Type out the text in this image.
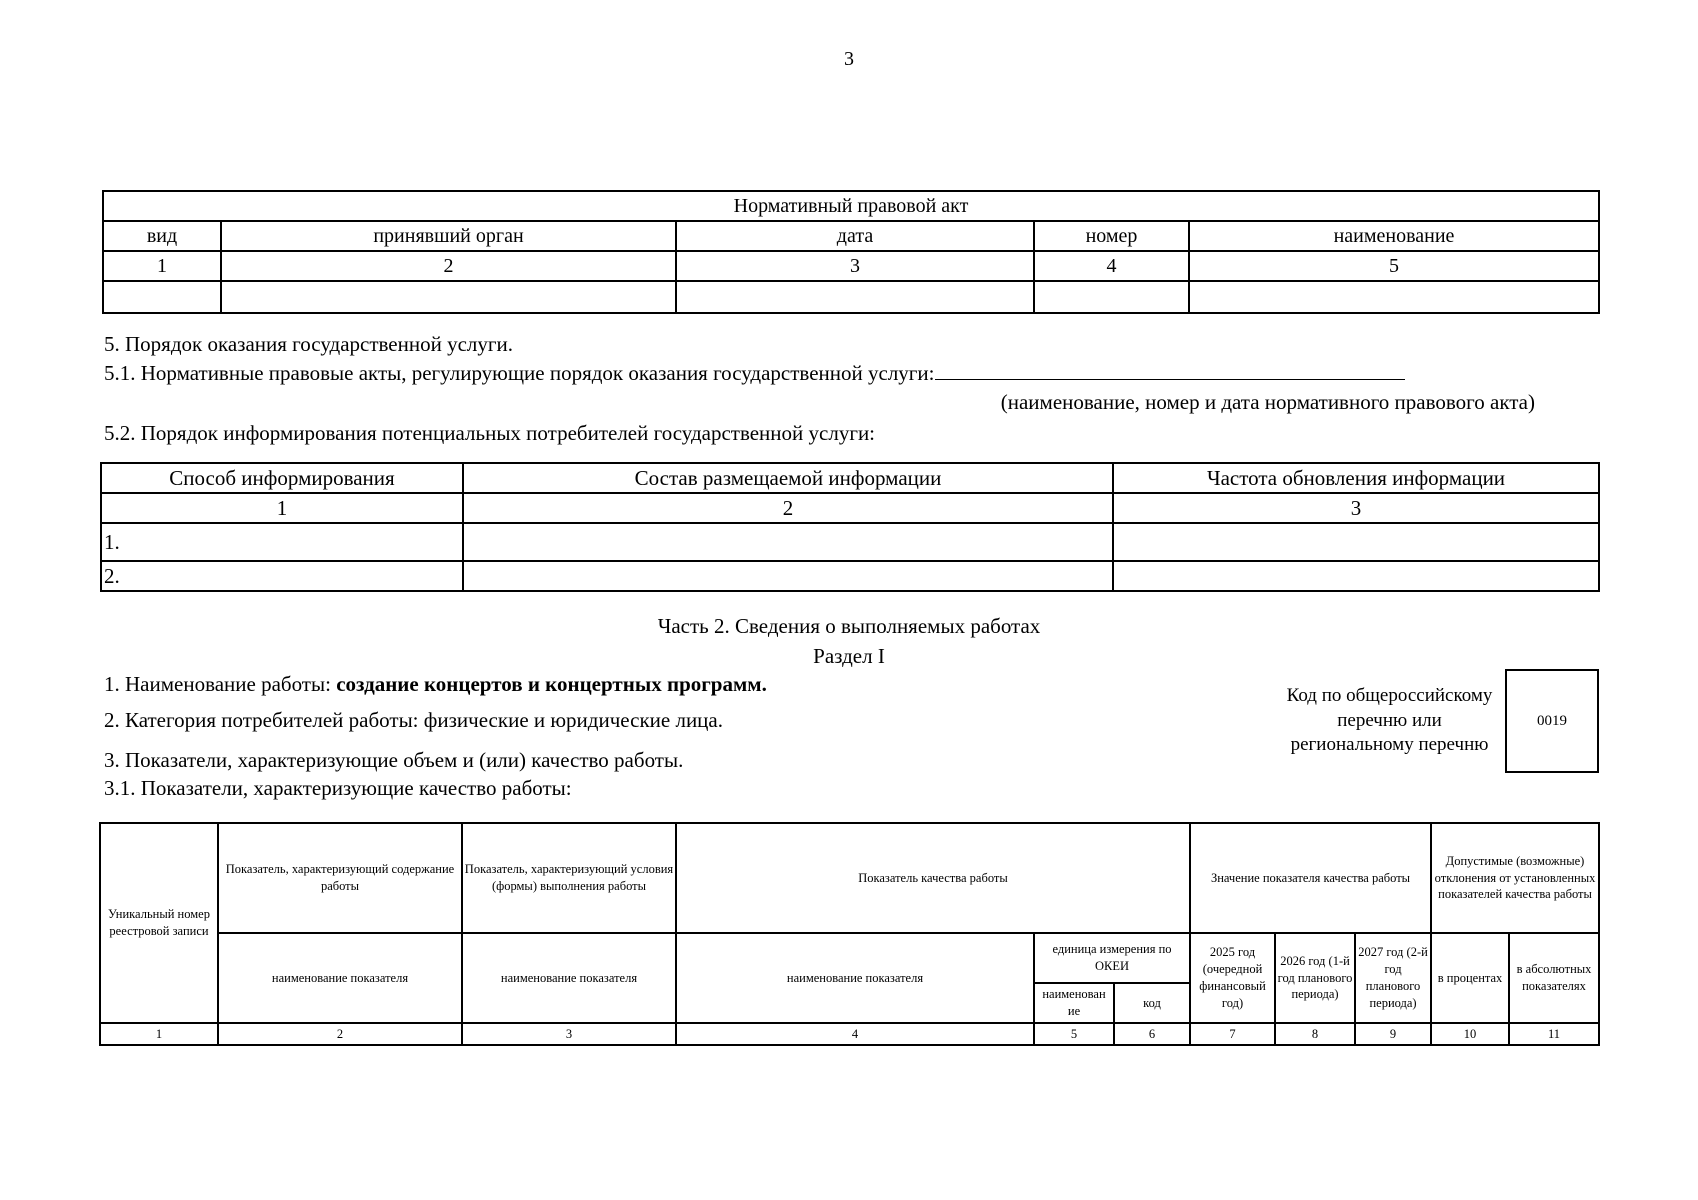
3
Нормативный правовой акт				
вид	принявший орган	дата	номер	наименование
1	2	3	4	5

5. Порядок оказания государственной услуги.
5.1. Нормативные правовые акты, регулирующие порядок оказания государственной услуги:
(наименование, номер и дата нормативного правового акта)
5.2. Порядок информирования потенциальных потребителей государственной услуги:
Способ информирования	Состав размещаемой информации	Частота обновления информации
1	2	3
1.		
2.		
Часть 2. Сведения о выполняемых работах
Раздел I
1. Наименование работы: создание концертов и концертных программ.
2. Категория потребителей работы: физические и юридические лица.
3. Показатели, характеризующие объем и (или) качество работы.
3.1. Показатели, характеризующие качество работы:
Код по общероссийскому
перечню или
региональному перечню
0019
Уникальный номер реестровой записи	Показатель, характеризующий содержание работы	Показатель, характеризующий условия (формы) выполнения работы	Показатель качества работы			Значение показателя качества работы			Допустимые (возможные) отклонения от установленных показателей качества работы	
	наименование показателя	наименование показателя	наименование показателя	единица измерения по ОКЕИ		2025 год (очередной финансовый год)	2026 год (1-й год планового периода)	2027 год (2-й год планового периода)	в процентах	в абсолютных показателях
				наименован ие	код					
1	2	3	4	5	6	7	8	9	10	11
